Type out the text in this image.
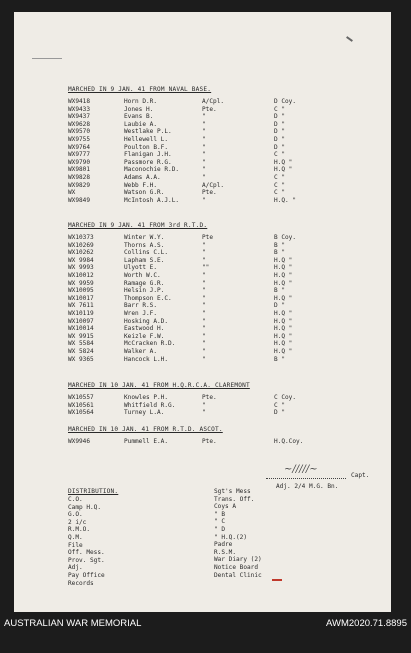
MARCHED IN 9 JAN. 41 FROM NAVAL BASE.
WX9418	Horn D.R.	A/Cpl.	D Coy.
WX9433	Jones H.	Pte.	C "
WX9437	Evans B.	"	D "
WX9628	Laubie A.	"	D "
WX9570	Westlake P.L.	"	D "
WX9755	Hellewell L.	"	D "
WX9764	Poulton B.F.	"	D "
WX9777	Flanigan J.H.	"	C "
WX9790	Passmore R.G.	"	H.Q "
WX9801	Maconochie R.D.	"	H.Q "
WX9828	Adams A.A.	"	C "
WX9829	Webb F.H.	A/Cpl.	C "
WX	Watson G.R.	Pte.	C "
WX9849	McIntosh A.J.L.	"	H.Q. "
MARCHED IN 9 JAN. 41 FROM 3rd R.T.D.
WX10373	Winter W.Y.	Pte	B Coy.
WX10269	Thorns A.S.	"	B "
WX10262	Collins C.L.	"	B "
WX 9984	Lapham S.E.	"	H.Q "
WX 9993	Ulyott E.	""	H.Q "
WX10012	Worth W.C.	"	H.Q "
WX 9959	Ramage G.R.	"	H.Q "
WX10095	Helsin J.P.	"	B "
WX10017	Thompson E.C.	"	H.Q "
WX 7611	Barr R.S.	"	D "
WX10119	Wren J.F.	"	H.Q "
WX10097	Hosking A.D.	"	H.Q "
WX10014	Eastwood H.	"	H.Q "
WX 9915	Keizle F.W.	"	H.Q "
WX 5584	McCracken R.D.	"	H.Q "
WX 5824	Walker A.	"	H.Q "
WX 9365	Hancock L.H.	"	B "
MARCHED IN 10 JAN. 41 FROM H.Q.R.C.A. CLAREMONT
WX10557	Knowles P.H.	Pte.	C Coy.
WX10561	Whitfield R.G.	"	C "
WX10564	Turney L.A.	"	D "
MARCHED IN 10 JAN. 41 FROM R.T.D. ASCOT.
WX9946	Pummell E.A.	Pte.	H.Q.Coy.
~/////~
Capt.
Adj. 2/4 M.G. Bn.
DISTRIBUTION.
C.O.
Camp H.Q.
G.O.
2 i/c
R.M.O.
Q.M.
File
Off. Mess.
Prov. Sgt.
Adj.
Pay Office
Records
Sgt's Mess
Trans. Off.
Coys A
" B
" C
" D
" H.Q.(2)
Padre
R.S.M.
War Diary (2)
Notice Board
Dental Clinic
AUSTRALIAN WAR MEMORIAL	AWM2020.71.8895
